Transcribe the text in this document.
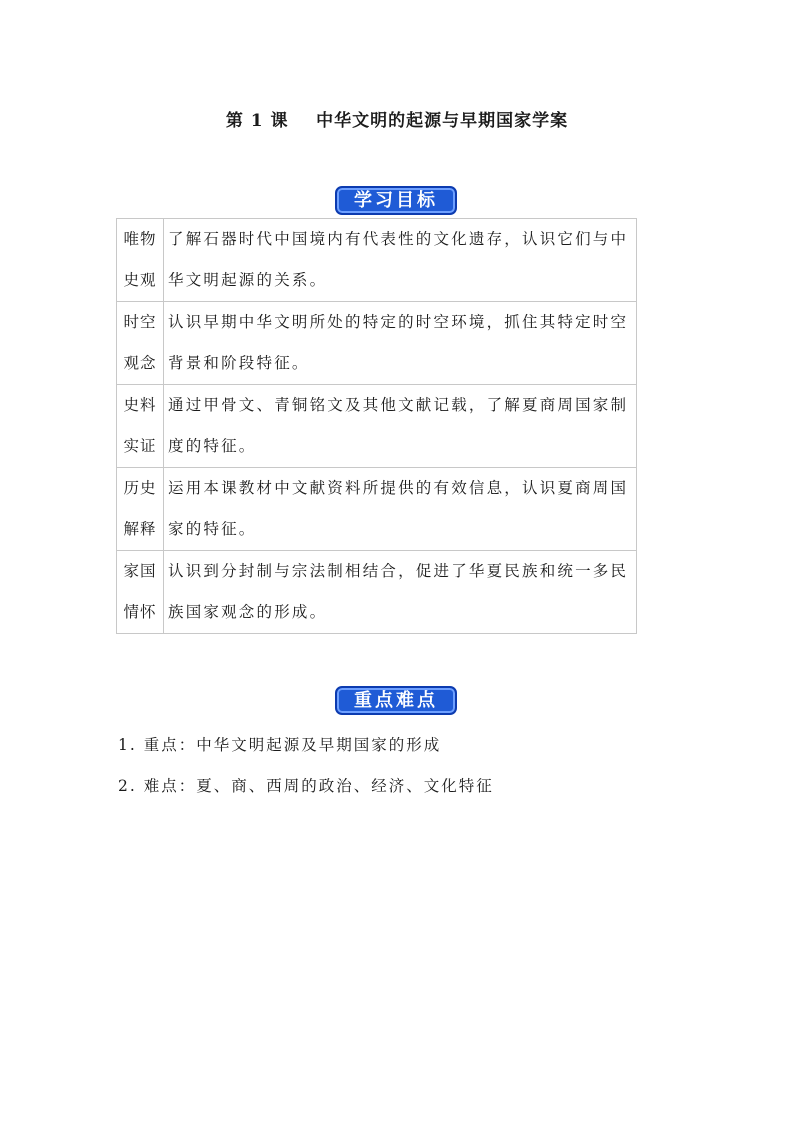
第 1 课    中华文明的起源与早期国家学案
学习目标
唯物
史观	了解石器时代中国境内有代表性的文化遗存，认识它们与中华文明起源的关系。

时空
观念	认识早期中华文明所处的特定的时空环境，抓住其特定时空背景和阶段特征。

史料
实证	通过甲骨文、青铜铭文及其他文献记载，了解夏商周国家制度的特征。

历史
解释	运用本课教材中文献资料所提供的有效信息，认识夏商周国家的特征。

家国
情怀	认识到分封制与宗法制相结合，促进了华夏民族和统一多民族国家观念的形成。
重点难点
1. 重点：中华文明起源及早期国家的形成
2. 难点：夏、商、西周的政治、经济、文化特征
